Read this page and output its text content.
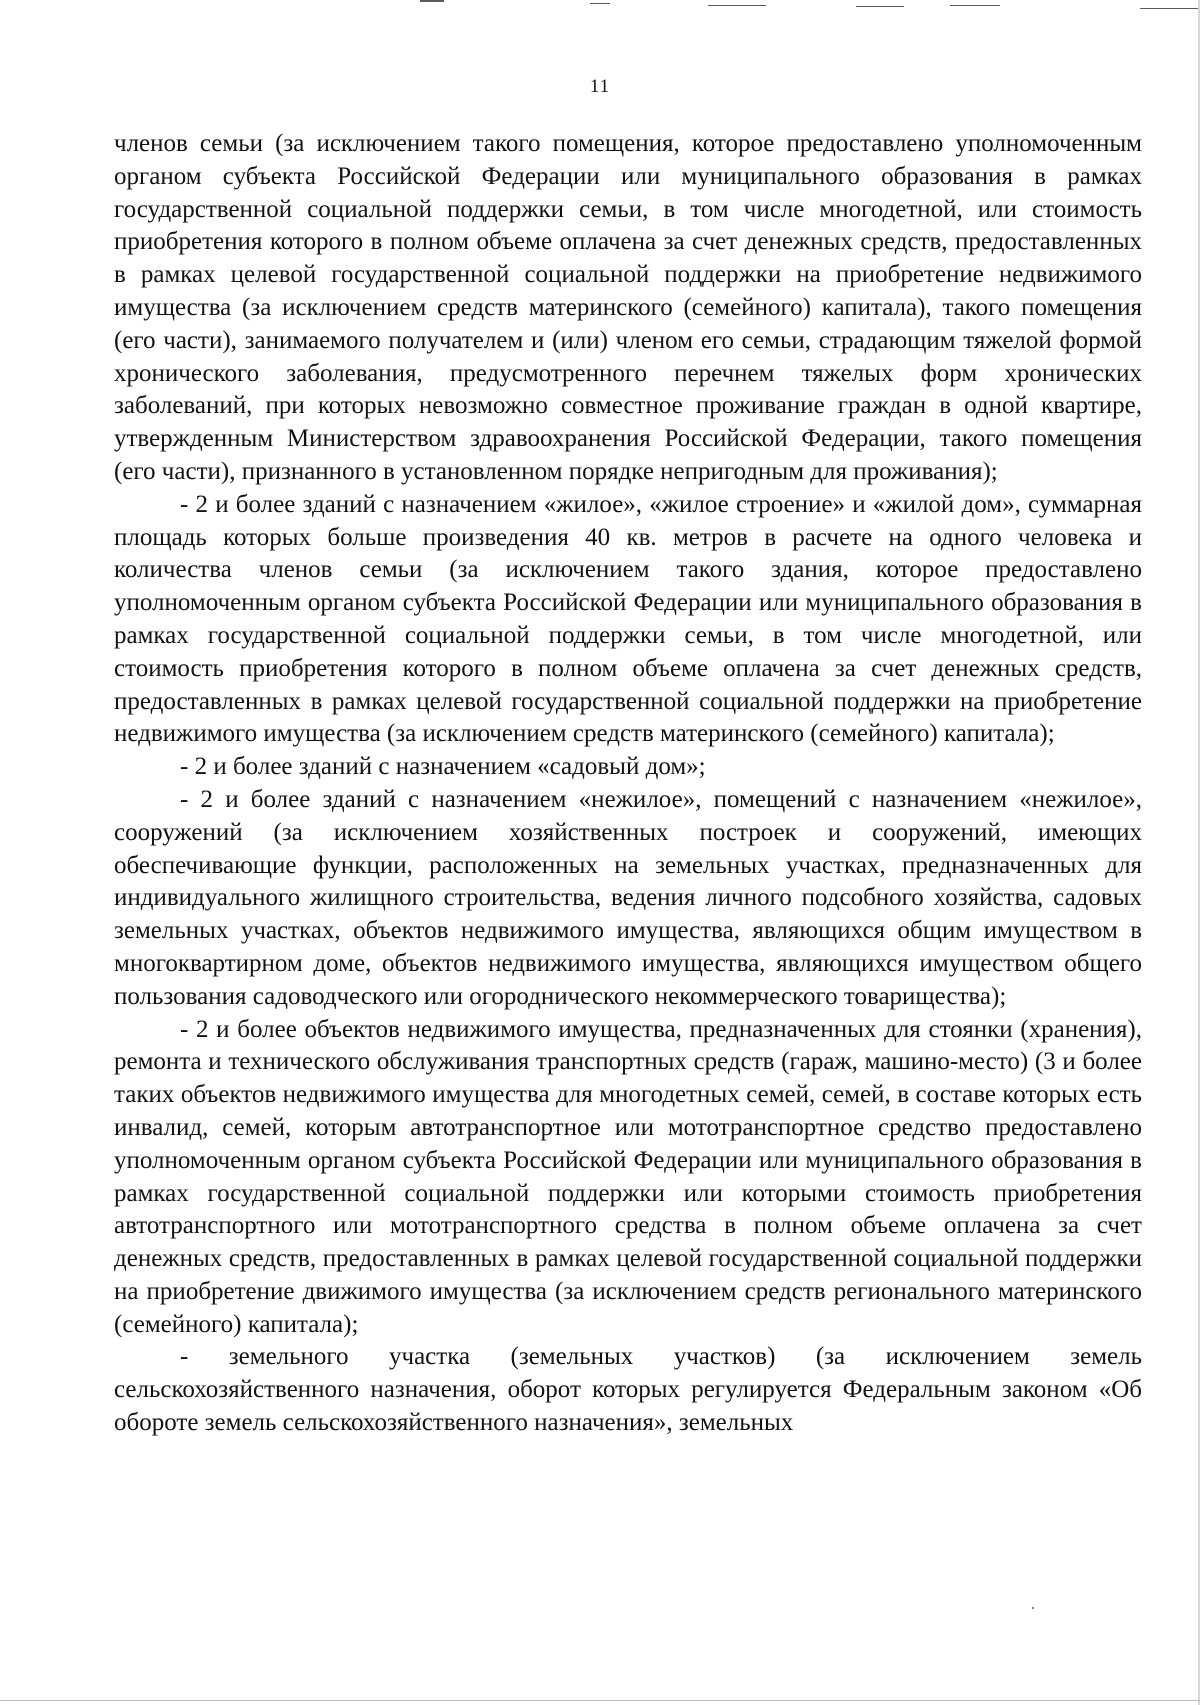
11

членов семьи (за исключением такого помещения, которое предоставлено уполномоченным органом субъекта Российской Федерации или муниципального образования в рамках государственной социальной поддержки семьи, в том числе многодетной, или стоимость приобретения которого в полном объеме оплачена за счет денежных средств, предоставленных в рамках целевой государственной социальной поддержки на приобретение недвижимого имущества (за исключением средств материнского (семейного) капитала), такого помещения (его части), занимаемого получателем и (или) членом его семьи, страдающим тяжелой формой хронического заболевания, предусмотренного перечнем тяжелых форм хронических заболеваний, при которых невозможно совместное проживание граждан в одной квартире, утвержденным Министерством здравоохранения Российской Федерации, такого помещения (его части), признанного в установленном порядке непригодным для проживания);

- 2 и более зданий с назначением «жилое», «жилое строение» и «жилой дом», суммарная площадь которых больше произведения 40 кв. метров в расчете на одного человека и количества членов семьи (за исключением такого здания, которое предоставлено уполномоченным органом субъекта Российской Федерации или муниципального образования в рамках государственной социальной поддержки семьи, в том числе многодетной, или стоимость приобретения которого в полном объеме оплачена за счет денежных средств, предоставленных в рамках целевой государственной социальной поддержки на приобретение недвижимого имущества (за исключением средств материнского (семейного) капитала);

- 2 и более зданий с назначением «садовый дом»;

- 2 и более зданий с назначением «нежилое», помещений с назначением «нежилое», сооружений (за исключением хозяйственных построек и сооружений, имеющих обеспечивающие функции, расположенных на земельных участках, предназначенных для индивидуального жилищного строительства, ведения личного подсобного хозяйства, садовых земельных участках, объектов недвижимого имущества, являющихся общим имуществом в многоквартирном доме, объектов недвижимого имущества, являющихся имуществом общего пользования садоводческого или огороднического некоммерческого товарищества);

- 2 и более объектов недвижимого имущества, предназначенных для стоянки (хранения), ремонта и технического обслуживания транспортных средств (гараж, машино-место) (3 и более таких объектов недвижимого имущества для многодетных семей, семей, в составе которых есть инвалид, семей, которым автотранспортное или мототранспортное средство предоставлено уполномоченным органом субъекта Российской Федерации или муниципального образования в рамках государственной социальной поддержки или которыми стоимость приобретения автотранспортного или мототранспортного средства в полном объеме оплачена за счет денежных средств, предоставленных в рамках целевой государственной социальной поддержки на приобретение движимого имущества (за исключением средств регионального материнского (семейного) капитала);

- земельного участка (земельных участков) (за исключением земель сельскохозяйственного назначения, оборот которых регулируется Федеральным законом «Об обороте земель сельскохозяйственного назначения», земельных
